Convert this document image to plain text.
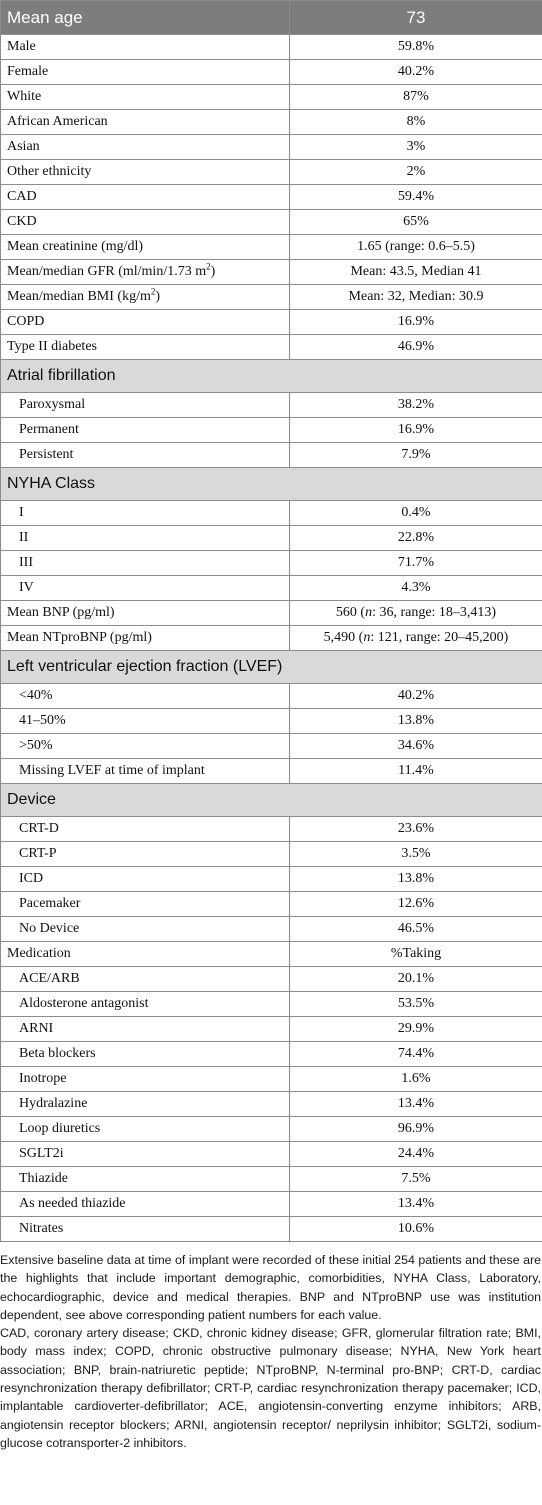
Mean age	73
Male	59.8%
Female	40.2%
White	87%
African American	8%
Asian	3%
Other ethnicity	2%
CAD	59.4%
CKD	65%
Mean creatinine (mg/dl)	1.65 (range: 0.6–5.5)
Mean/median GFR (ml/min/1.73 $m^2$)	Mean: 43.5, Median 41
Mean/median BMI $(kg/m^2)$	Mean: 32, Median: 30.9
COPD	16.9%
Type II diabetes	46.9%
Atrial fibrillation	
Paroxysmal	38.2%
Permanent	16.9%
Persistent	7.9%
NYHA Class	
I	0.4%
II	22.8%
III	71.7%
IV	4.3%
Mean BNP (pg/ml)	560 (n: 36, range: 18–3,413)
Mean NTproBNP (pg/ml)	5,490 (n: 121, range: 20–45,200)
Left ventricular ejection fraction (LVEF)	
<40%	40.2%
41–50%	13.8%
>50%	34.6%
Missing LVEF at time of implant	11.4%
Device	
CRT-D	23.6%
CRT-P	3.5%
ICD	13.8%
Pacemaker	12.6%
No Device	46.5%
Medication	%Taking
ACE/ARB	20.1%
Aldosterone antagonist	53.5%
ARNI	29.9%
Beta blockers	74.4%
Inotrope	1.6%
Hydralazine	13.4%
Loop diuretics	96.9%
SGLT2i	24.4%
Thiazide	7.5%
As needed thiazide	13.4%
Nitrates	10.6%

Extensive baseline data at time of implant were recorded of these initial 254 patients and these are the highlights that include important demographic, comorbidities, NYHA Class, Laboratory, echocardiographic, device and medical therapies. BNP and NTproBNP use was institution dependent, see above corresponding patient numbers for each value.

CAD, coronary artery disease; CKD, chronic kidney disease; GFR, glomerular filtration rate; BMI, body mass index; COPD, chronic obstructive pulmonary disease; NYHA, New York heart association; BNP, brain-natriuretic peptide; NTproBNP, N-terminal pro-BNP; CRT-D, cardiac resynchronization therapy defibrillator; CRT-P, cardiac resynchronization therapy pacemaker; ICD, implantable cardioverter-defibrillator; ACE, angiotensin-converting enzyme inhibitors; ARB, angiotensin receptor blockers; ARNI, angiotensin receptor/ neprilysin inhibitor; SGLT2i, sodium-glucose cotransporter-2 inhibitors.
